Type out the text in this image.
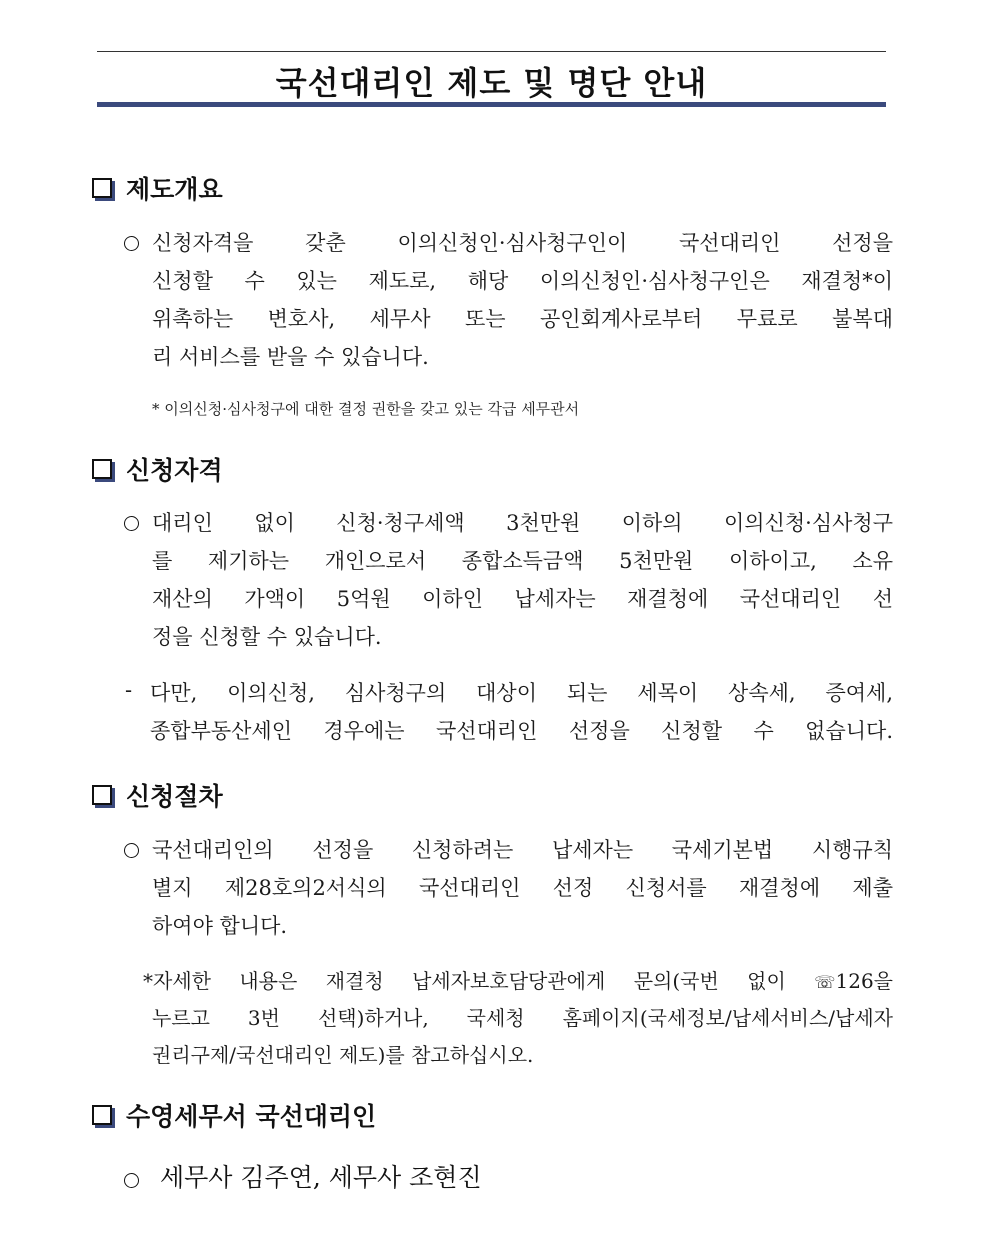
국선대리인 제도 및 명단 안내
제도개요
신청자격을 갖춘 이의신청인·심사청구인이 국선대리인 선정을
신청할 수 있는 제도로, 해당 이의신청인·심사청구인은 재결청*이
위촉하는 변호사, 세무사 또는 공인회계사로부터 무료로 불복대
리 서비스를 받을 수 있습니다.
* 이의신청·심사청구에 대한 결정 권한을 갖고 있는 각급 세무관서
신청자격
대리인 없이 신청·청구세액 3천만원 이하의 이의신청·심사청구
를 제기하는 개인으로서 종합소득금액 5천만원 이하이고, 소유
재산의 가액이 5억원 이하인 납세자는 재결청에 국선대리인 선
정을 신청할 수 있습니다.
- 다만, 이의신청, 심사청구의 대상이 되는 세목이 상속세, 증여세,
종합부동산세인 경우에는 국선대리인 선정을 신청할 수 없습니다.
신청절차
국선대리인의 선정을 신청하려는 납세자는 국세기본법 시행규칙
별지 제28호의2서식의 국선대리인 선정 신청서를 재결청에 제출
하여야 합니다.
*자세한 내용은 재결청 납세자보호담당관에게 문의(국번 없이 ☏126을
누르고 3번 선택)하거나, 국세청 홈페이지(국세정보/납세서비스/납세자
권리구제/국선대리인 제도)를 참고하십시오.
수영세무서 국선대리인
세무사 김주연, 세무사 조현진
